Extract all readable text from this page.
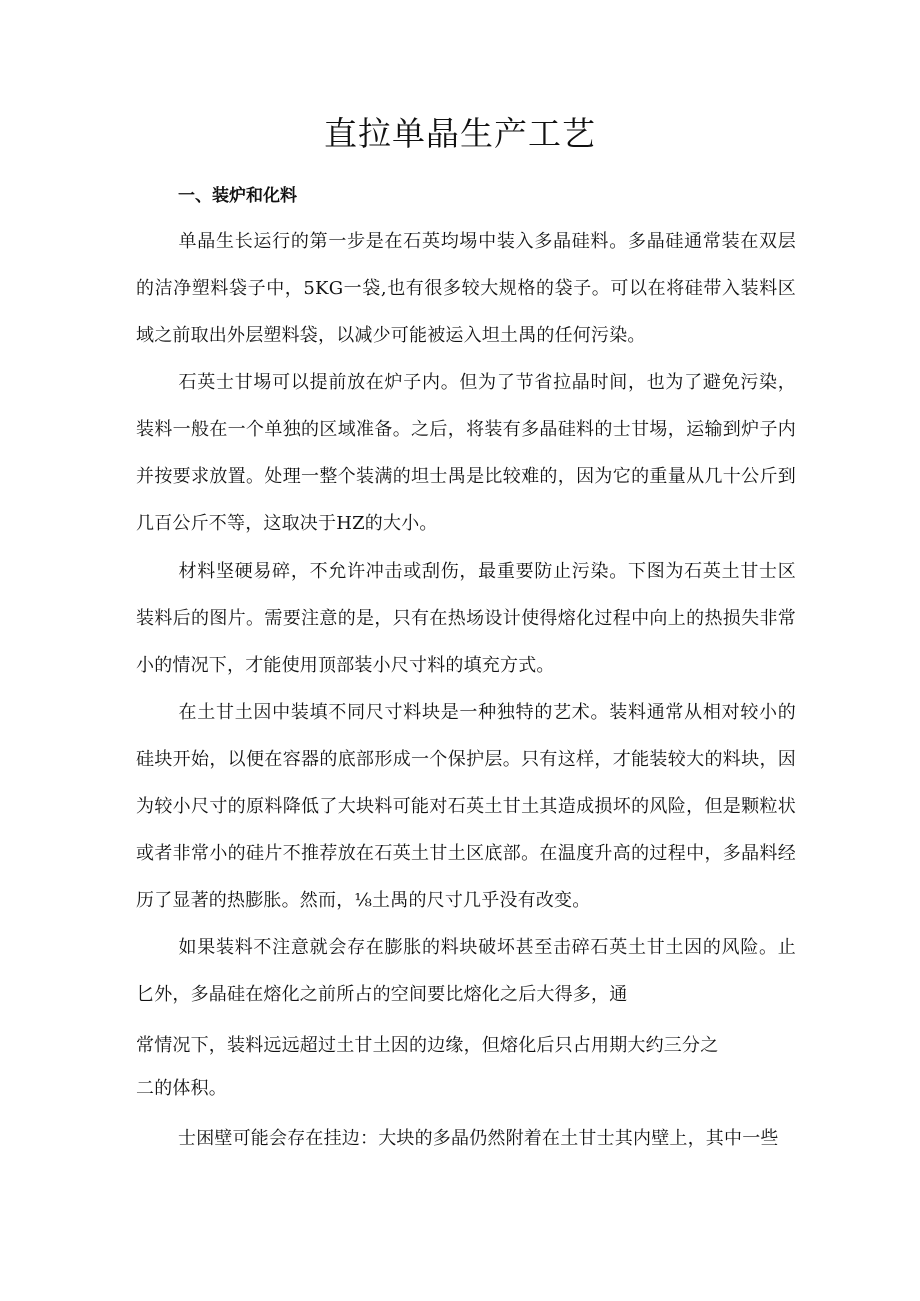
直拉单晶生产工艺
一、装炉和化料

单晶生长运行的第一步是在石英均埸中装入多晶硅料。多晶硅通常装在双层的洁净塑料袋子中，5KG一袋,也有很多较大规格的袋子。可以在将硅带入装料区域之前取出外层塑料袋，以减少可能被运入坦土禺的任何污染。

石英士甘埸可以提前放在炉子内。但为了节省拉晶时间，也为了避免污染，装料一般在一个单独的区域准备。之后，将装有多晶硅料的士甘埸，运输到炉子内并按要求放置。处理一整个装满的坦士禺是比较难的，因为它的重量从几十公斤到几百公斤不等，这取决于HZ的大小。

材料坚硬易碎，不允许冲击或刮伤，最重要防止污染。下图为石英土甘士区装料后的图片。需要注意的是，只有在热场设计使得熔化过程中向上的热损失非常小的情况下，才能使用顶部装小尺寸料的填充方式。

在土甘土因中装填不同尺寸料块是一种独特的艺术。装料通常从相对较小的硅块开始，以便在容器的底部形成一个保护层。只有这样，才能装较大的料块，因为较小尺寸的原料降低了大块料可能对石英土甘土其造成损坏的风险，但是颗粒状或者非常小的硅片不推荐放在石英土甘土区底部。在温度升高的过程中，多晶料经历了显著的热膨胀。然而，⅛土禺的尺寸几乎没有改变。

如果装料不注意就会存在膨胀的料块破坏甚至击碎石英土甘土因的风险。止匕外，多晶硅在熔化之前所占的空间要比熔化之后大得多，通

常情况下，装料远远超过土甘土因的边缘，但熔化后只占用期大约三分之

二的体积。

士困壁可能会存在挂边：大块的多晶仍然附着在土甘士其内壁上，其中一些
